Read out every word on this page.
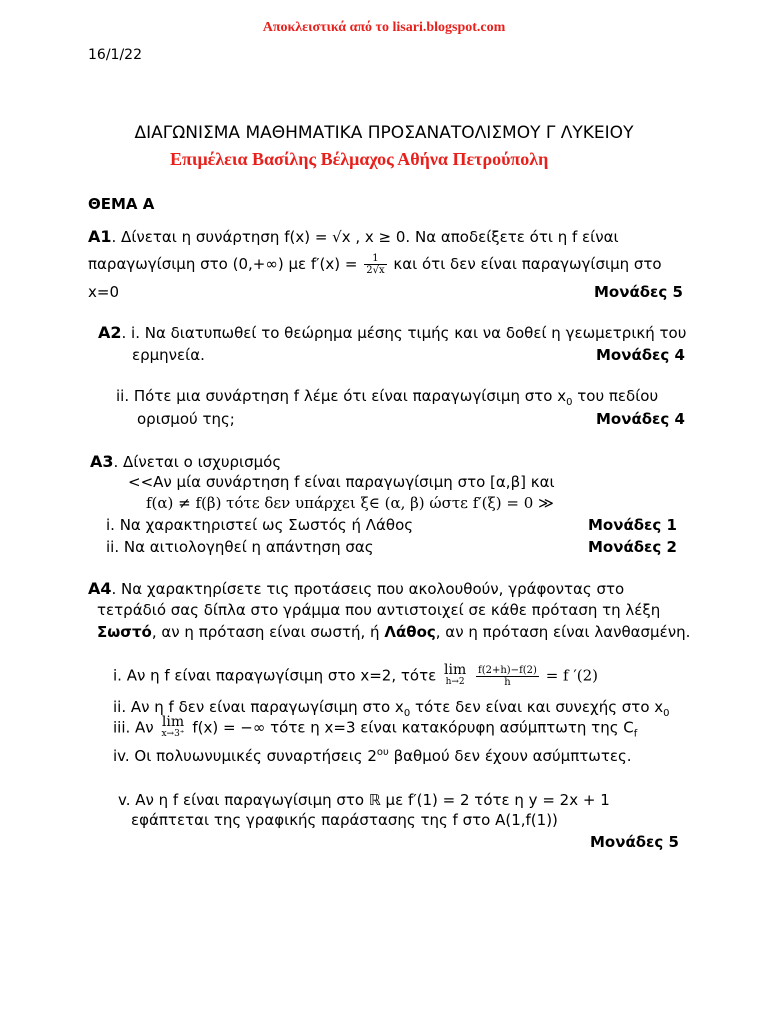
Αποκλειστικά από το lisari.blogspot.com
16/1/22
ΔΙΑΓΩΝΙΣΜΑ ΜΑΘΗΜΑΤΙΚΑ ΠΡΟΣΑΝΑΤΟΛΙΣΜΟΥ Γ ΛΥΚΕΙΟΥ
Επιμέλεια Βασίλης Βέλμαχος Αθήνα Πετρούπολη
ΘΕΜΑ Α
Α1. Δίνεται η συνάρτηση f(x) = √x , x ≥ 0. Να αποδείξετε ότι η f είναι
παραγωγίσιμη στο (0,+∞) με $f'(x) = \frac{1}{2√x}$ και ότι δεν είναι παραγωγίσιμη στο
x=0	Μονάδες 5
Α2. i. Να διατυπωθεί το θεώρημα μέσης τιμής και να δοθεί η γεωμετρική του
ερμηνεία.	Μονάδες 4
ii. Πότε μια συνάρτηση f λέμε ότι είναι παραγωγίσιμη στο $x_0$ του πεδίου
ορισμού της;	Μονάδες 4
Α3. Δίνεται ο ισχυρισμός
<<Αν μία συνάρτηση f είναι παραγωγίσιμη στο [α,β] και
f(α) ≠ f(β) τότε δεν υπάρχει ξ∈ (α, β) ώστε f′(ξ) = 0 ≫
i. Να χαρακτηριστεί ως Σωστός ή Λάθος	Μονάδες 1
ii. Να αιτιολογηθεί η απάντηση σας	Μονάδες 2
Α4. Να χαρακτηρίσετε τις προτάσεις που ακολουθούν, γράφοντας στο
τετράδιό σας δίπλα στο γράμμα που αντιστοιχεί σε κάθε πρόταση τη λέξη
Σωστό, αν η πρόταση είναι σωστή, ή Λάθος, αν η πρόταση είναι λανθασμένη.
i. Αν η f είναι παραγωγίσιμη στο x=2, τότε lim
h→2
$\frac{f(2+h)-f(2)}{h} = f$ ′(2)
ii. Αν η f δεν είναι παραγωγίσιμη στο $x_0$ τότε δεν είναι και συνεχής στο $x_0$
iii. Αν lim
x→3⁺ f(x) = −∞ τότε η x=3 είναι κατακόρυφη ασύμπτωτη της $C_f$
iv. Οι πολυωνυμικές συναρτήσεις $2^{o\upsilon}$ βαθμού δεν έχουν ασύμπτωτες.
v. Αν η f είναι παραγωγίσιμη στο ℝ με f′(1) = 2 τότε η y = 2x + 1
εφάπτεται της γραφικής παράστασης της f στο Α(1,f(1))
Μονάδες 5
